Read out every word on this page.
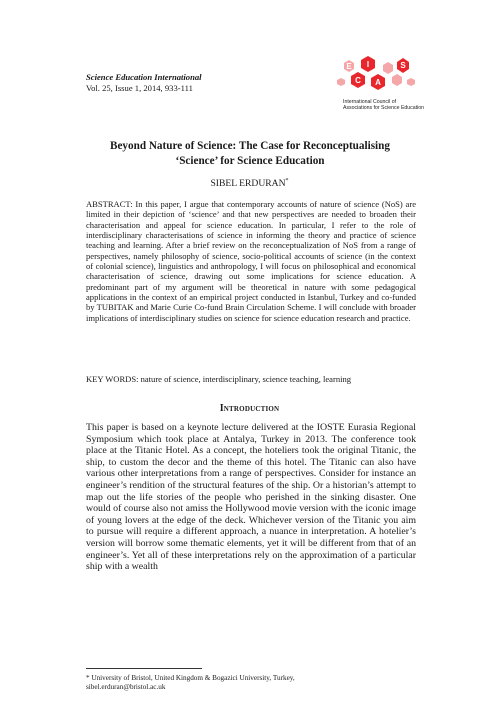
Science Education International
Vol. 25, Issue 1, 2014, 933-111
I
C A
S
E
International Council of
Associations for Science Education
Beyond Nature of Science: The Case for Reconceptualising
‘Science’ for Science Education
SIBEL ERDURAN*

ABSTRACT: In this paper, I argue that contemporary accounts of nature of science (NoS) are limited in their depiction of ‘science’ and that new perspectives are needed to broaden their characterisation and appeal for science education. In particular, I refer to the role of interdisciplinary characterisations of science in informing the theory and practice of science teaching and learning. After a brief review on the reconceptualization of NoS from a range of perspectives, namely philosophy of science, socio-political accounts of science (in the context of colonial science), linguistics and anthropology, I will focus on philosophical and economical characterisation of science, drawing out some implications for science education. A predominant part of my argument will be theoretical in nature with some pedagogical applications in the context of an empirical project conducted in Istanbul, Turkey and co-funded by TUBITAK and Marie Curie Co-fund Brain Circulation Scheme. I will conclude with broader implications of interdisciplinary studies on science for science education research and practice.

KEY WORDS: nature of science, interdisciplinary, science teaching, learning
Introduction

This paper is based on a keynote lecture delivered at the IOSTE Eurasia Regional Symposium which took place at Antalya, Turkey in 2013. The conference took place at the Titanic Hotel. As a concept, the hoteliers took the original Titanic, the ship, to custom the decor and the theme of this hotel. The Titanic can also have various other interpretations from a range of perspectives. Consider for instance an engineer’s rendition of the structural features of the ship. Or a historian’s attempt to map out the life stories of the people who perished in the sinking disaster. One would of course also not amiss the Hollywood movie version with the iconic image of young lovers at the edge of the deck. Whichever version of the Titanic you aim to pursue will require a different approach, a nuance in interpretation. A hotelier’s version will borrow some thematic elements, yet it will be different from that of an engineer’s. Yet all of these interpretations rely on the approximation of a particular ship with a wealth

* University of Bristol, United Kingdom & Bogazici University, Turkey,
sibel.erduran@bristol.ac.uk
